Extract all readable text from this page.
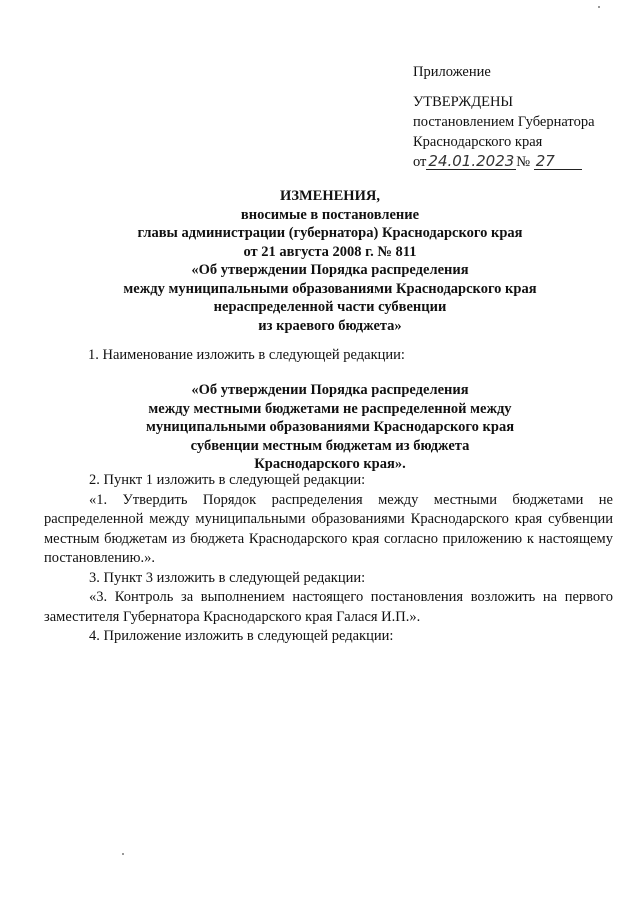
Приложение
УТВЕРЖДЕНЫ
постановлением Губернатора
Краснодарского края
от 24.01.2023 № 27
ИЗМЕНЕНИЯ,
вносимые в постановление
главы администрации (губернатора) Краснодарского края
от 21 августа 2008 г. № 811
«Об утверждении Порядка распределения
между муниципальными образованиями Краснодарского края
нераспределенной части субвенции
из краевого бюджета»
1. Наименование изложить в следующей редакции:
«Об утверждении Порядка распределения
между местными бюджетами не распределенной между
муниципальными образованиями Краснодарского края
субвенции местным бюджетам из бюджета
Краснодарского края».

2. Пункт 1 изложить в следующей редакции:

«1. Утвердить Порядок распределения между местными бюджетами не распределенной между муниципальными образованиями Краснодарского края субвенции местным бюджетам из бюджета Краснодарского края согласно приложению к настоящему постановлению.».

3. Пункт 3 изложить в следующей редакции:

«3. Контроль за выполнением настоящего постановления возложить на первого заместителя Губернатора Краснодарского края Галася И.П.».

4. Приложение изложить в следующей редакции:
